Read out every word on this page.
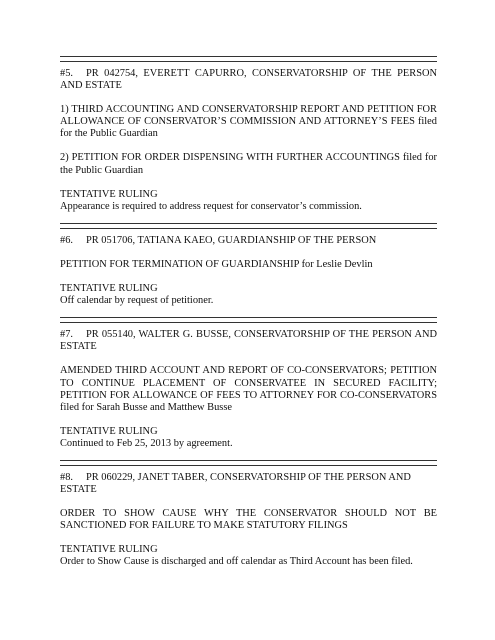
#5. PR 042754, EVERETT CAPURRO, CONSERVATORSHIP OF THE PERSON AND ESTATE

1) THIRD ACCOUNTING AND CONSERVATORSHIP REPORT AND PETITION FOR ALLOWANCE OF CONSERVATOR’S COMMISSION AND ATTORNEY’S FEES filed for the Public Guardian

2) PETITION FOR ORDER DISPENSING WITH FURTHER ACCOUNTINGS filed for the Public Guardian

TENTATIVE RULING

Appearance is required to address request for conservator’s commission.

#6. PR 051706, TATIANA KAEO, GUARDIANSHIP OF THE PERSON

PETITION FOR TERMINATION OF GUARDIANSHIP for Leslie Devlin

TENTATIVE RULING

Off calendar by request of petitioner.

#7. PR 055140, WALTER G. BUSSE, CONSERVATORSHIP OF THE PERSON AND ESTATE

AMENDED THIRD ACCOUNT AND REPORT OF CO-CONSERVATORS; PETITION TO CONTINUE PLACEMENT OF CONSERVATEE IN SECURED FACILITY; PETITION FOR ALLOWANCE OF FEES TO ATTORNEY FOR CO-CONSERVATORS filed for Sarah Busse and Matthew Busse

TENTATIVE RULING

Continued to Feb 25, 2013 by agreement.

#8. PR 060229, JANET TABER, CONSERVATORSHIP OF THE PERSON AND ESTATE

ORDER TO SHOW CAUSE WHY THE CONSERVATOR SHOULD NOT BE SANCTIONED FOR FAILURE TO MAKE STATUTORY FILINGS

TENTATIVE RULING

Order to Show Cause is discharged and off calendar as Third Account has been filed.
